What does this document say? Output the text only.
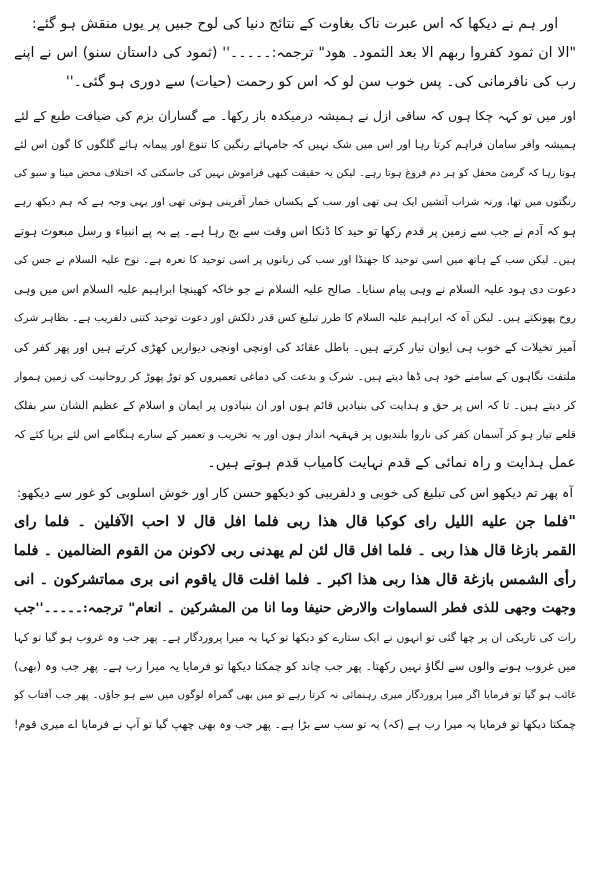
اور ہم نے دیکھا کہ اس عبرت ناک بغاوت کے نتائج دنیا کی لوح جبیں پر یوں منقش ہو گئے:
"الا ان ثمود کفروا ربهم الا بعد الثمود۔ هود" ترجمہ:۔۔۔۔۔'' (ثمود کی داستان سنو) اس نے اپنے
رب کی نافرمانی کی۔ پس خوب سن لو کہ اس کو رحمت (حیات) سے دوری ہو گئی۔''
اور میں تو کہہ چکا ہوں کہ ساقی ازل نے ہمیشہ درمیکدہ باز رکھا۔ مے گساران بزم کی ضیافت طبع کے لئے
ہمیشہ وافر سامان فراہم کرتا رہا اور اس میں شک نہیں کہ جامہائے رنگین کا تنوع اور پیمانہ ہائے گلگوں کا گون اس لئے
ہوتا رہا کہ گرمیٔ محفل کو ہر دم فروغ ہوتا رہے۔ لیکن یہ حقیقت کبھی فراموش نہیں کی جاسکتی کہ اختلاف محض مینا و سبو کی
رنگتوں میں تھا، ورنہ شراب آتشیں ایک ہی تھی اور سب کے یکساں خمار آفرینی ہوتی تھی اور یہی وجہ ہے کہ ہم دیکھ رہے
ہو کہ آدم نے جب سے زمین پر قدم رکھا تو حید کا ڈنکا اس وقت سے بج رہا ہے۔ پے بہ پے انبیاء و رسل مبعوث ہوتے
ہیں۔ لیکن سب کے ہاتھ میں اسی توحید کا جھنڈا اور سب کی زبانوں پر اسی توحید کا نعرہ ہے۔ نوح علیہ السلام نے جس کی
دعوت دی ہود علیہ السلام نے وہی پیام سنایا۔ صالح علیہ السلام نے جو خاکہ کھینچا ابراہیم علیہ السلام اس میں وہی
روح پھونکتے ہیں۔ لیکن آہ کہ ابراہیم علیہ السلام کا طرز تبلیغ کس قدر دلکش اور دعوت توحید کتنی دلفریب ہے۔ بظاہر شرک
آمیز تخیلات کے خوب ہی ایوان تیار کرتے ہیں۔ باطل عقائد کی اونچی اونچی دیواریں کھڑی کرتے ہیں اور پھر کفر کی
ملتفت نگاہوں کے سامنے خود ہی ڈھا دیتے ہیں۔ شرک و بدعت کی دماغی تعمیروں کو توڑ پھوڑ کر روحانیت کی زمین ہموار
کر دیتے ہیں۔ تا کہ اس پر حق و ہدایت کی بنیادیں قائم ہوں اور ان بنیادوں پر ایمان و اسلام کے عظیم الشان سر بفلک
قلعے تیار ہو کر آسمان کفر کی ناروا بلندیوں پر قہقہہ انداز ہوں اور یہ تخریب و تعمیر کے سارے ہنگامے اس لئے برپا کئے کہ
عمل ہدایت و راہ نمائی کے قدم نہایت کامیاب قدم ہوتے ہیں۔
آہ پھر تم دیکھو اس کی تبلیغ کی خوبی و دلفریبی کو دیکھو حسن کار اور خوش اسلوبی کو غور سے دیکھو:
"فلما جن عليه الليل راى كوكبا قال هذا ربى فلما افل قال لا احب الآفلين ۔ فلما راى
القمر بازغا قال هذا ربى ۔ فلما افل قال لئن لم يهدنى ربى لاكونن من القوم الضالمين ۔ فلما
رأى الشمس بازغة قال هذا ربى هذا اكبر ۔ فلما افلت قال ياقوم انى برى مماتشركون ۔ انى
وجهت وجهى للذى فطر السماوات والارض حنيفا وما انا من المشركين ۔ انعام" ترجمہ:۔۔۔۔۔''جب
رات کی تاریکی ان پر چھا گئی تو انہوں نے ایک ستارے کو دیکھا تو کہا یہ میرا پروردگار ہے۔ پھر جب وہ غروب ہو گیا تو کہا
میں غروب ہونے والوں سے لگاؤ نہیں رکھتا۔ پھر جب چاند کو چمکتا دیکھا تو فرمایا یہ میرا رب ہے۔ پھر جب وہ (بھی)
غائب ہو گیا تو فرمایا اگر میرا پروردگار میری رہنمائی نہ کرتا رہے تو میں بھی گمراہ لوگوں میں سے ہو جاؤں۔ پھر جب آفتاب کو
چمکتا دیکھا تو فرمایا یہ میرا رب ہے (کہ) یہ تو سب سے بڑا ہے۔ پھر جب وہ بھی چھپ گیا تو آپ نے فرمایا اے میری قوم!
